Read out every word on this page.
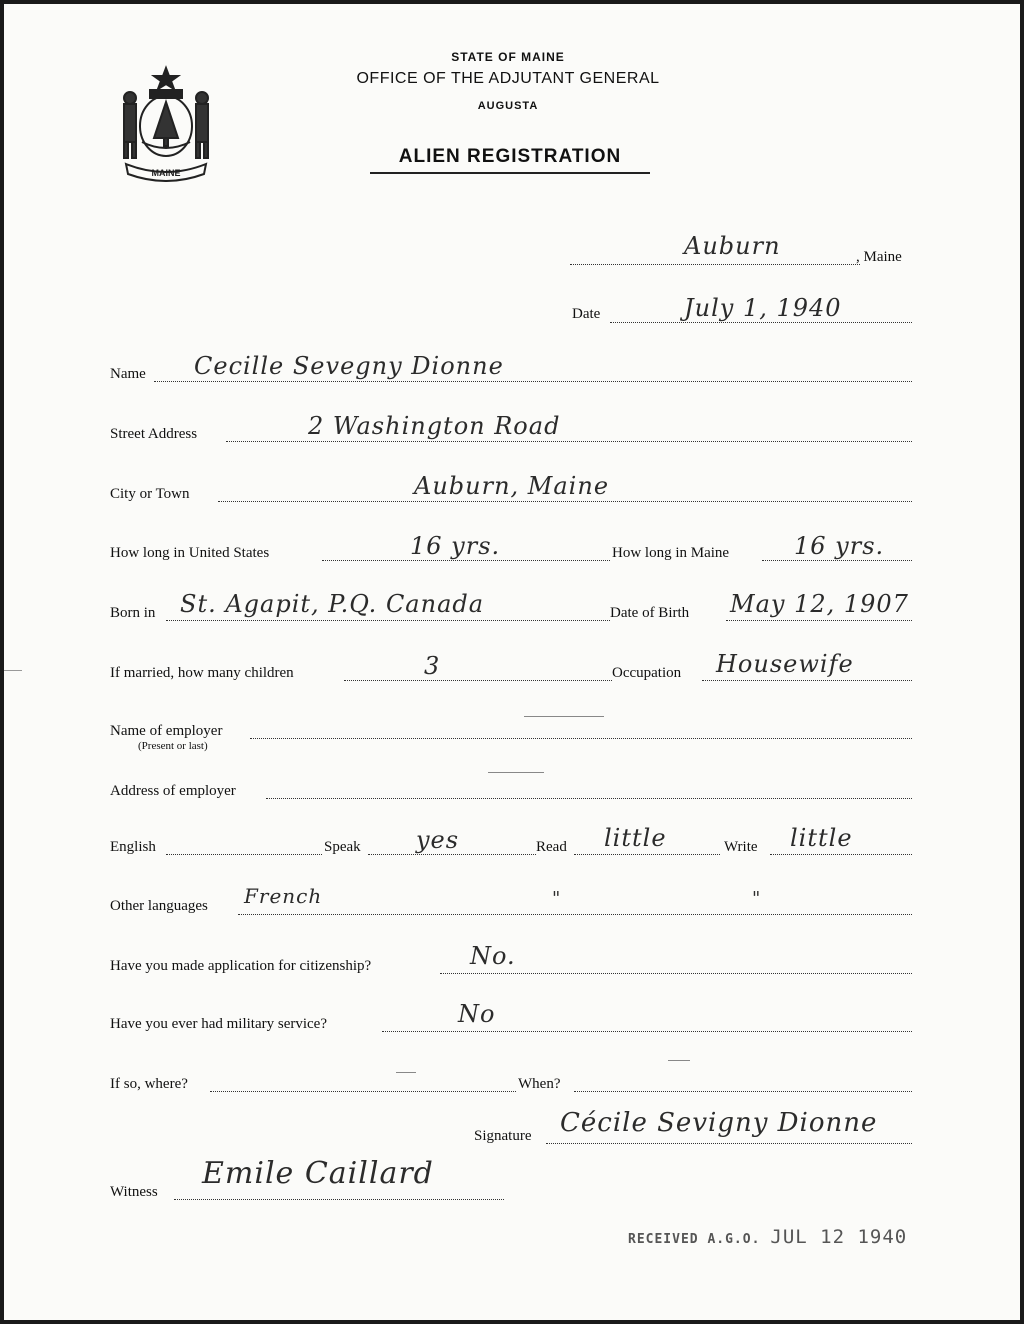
MAINE
STATE OF MAINE
OFFICE OF THE ADJUTANT GENERAL
AUGUSTA
ALIEN REGISTRATION
Auburn	, Maine
Date	July 1, 1940
Name Cecille Sevegny Dionne
Street Address	2 Washington Road
City or Town	Auburn, Maine
How long in United States	16 yrs.	How long in Maine	16 yrs.
Born in St. Agapit, P.Q. Canada	Date of Birth May 12, 1907
If married, how many children	3	Occupation Housewife
Name of employer
(Present or last)
Address of employer
English	Speak yes	Read little	Write little
Other languages French	"	"
Have you made application for citizenship?	No.
Have you ever had military service?	No
If so, where?	When?
Signature Cécile Sevigny Dionne
Witness
Emile Caillard
RECEIVED A.G.O. JUL 12 1940
